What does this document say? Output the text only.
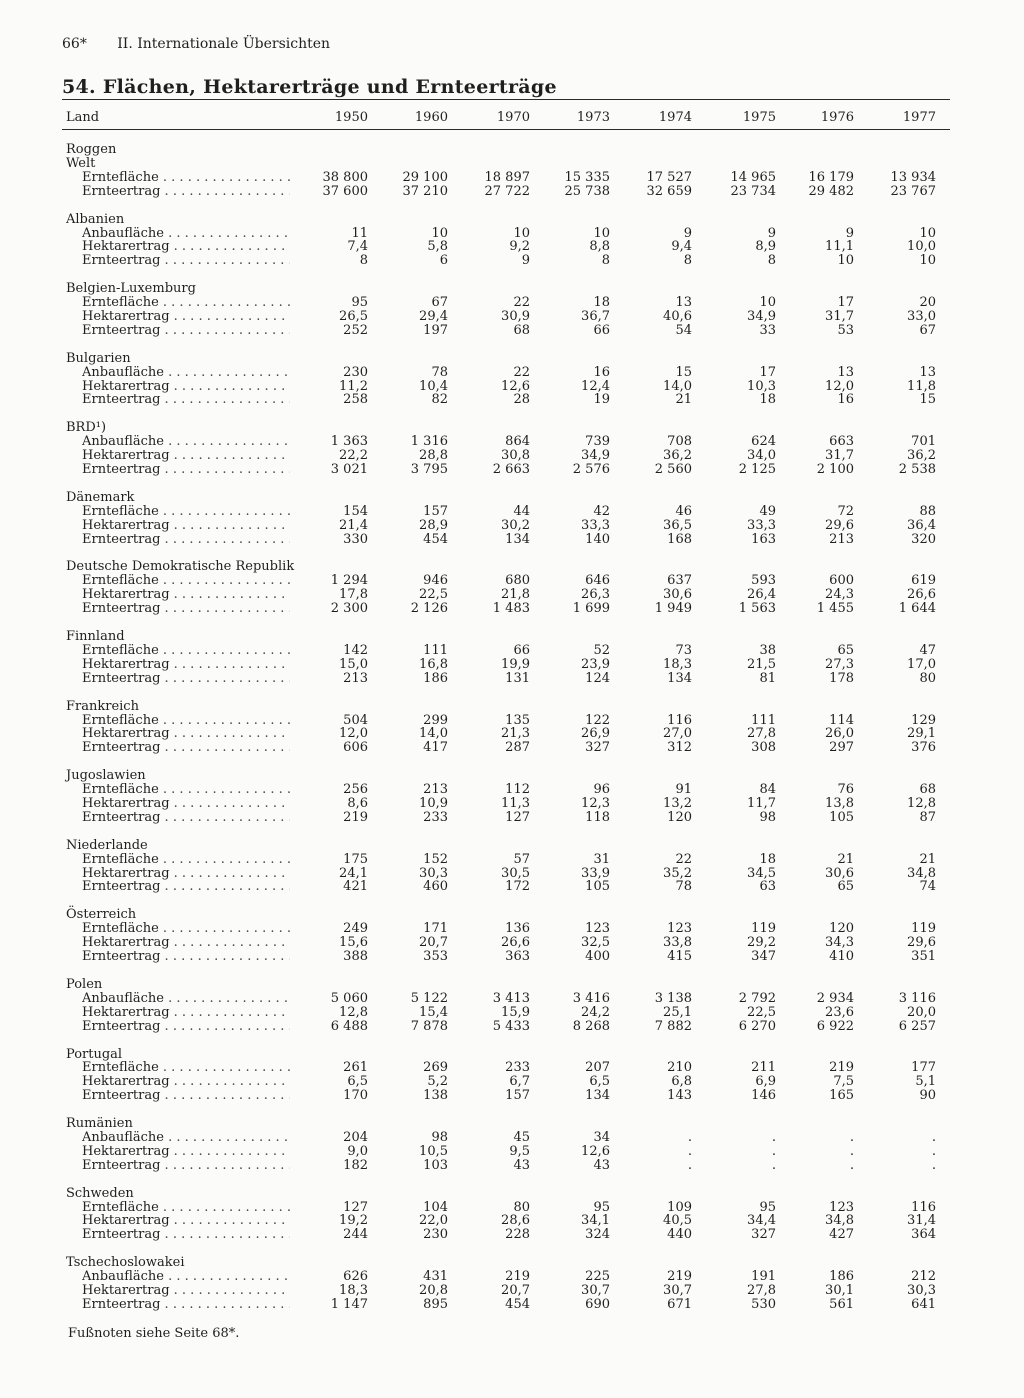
66* II. Internationale Übersichten
54. Flächen, Hektarerträge und Ernteerträge
Land	1950	1960	1970	1973	1974	1975	1976	1977
Roggen
Welt
Erntefläche . . .	38 800	29 100	18 897	15 335	17 527	14 965	16 179	13 934
Ernteertrag . . .	37 600	37 210	27 722	25 738	32 659	23 734	29 482	23 767
Albanien
Anbaufläche . . .	11	10	10	10	9	9	9	10
Hektarertrag . . .	7,4	5,8	9,2	8,8	9,4	8,9	11,1	10,0
Ernteertrag . . .	8	6	9	8	8	8	10	10
Belgien-Luxemburg
Erntefläche . . .	95	67	22	18	13	10	17	20
Hektarertrag . . .	26,5	29,4	30,9	36,7	40,6	34,9	31,7	33,0
Ernteertrag . . .	252	197	68	66	54	33	53	67
Bulgarien
Anbaufläche . . .	230	78	22	16	15	17	13	13
Hektarertrag . . .	11,2	10,4	12,6	12,4	14,0	10,3	12,0	11,8
Ernteertrag . . .	258	82	28	19	21	18	16	15
BRD¹)
Anbaufläche . . .	1 363	1 316	864	739	708	624	663	701
Hektarertrag . . .	22,2	28,8	30,8	34,9	36,2	34,0	31,7	36,2
Ernteertrag . . .	3 021	3 795	2 663	2 576	2 560	2 125	2 100	2 538
Dänemark
Erntefläche . . .	154	157	44	42	46	49	72	88
Hektarertrag . . .	21,4	28,9	30,2	33,3	36,5	33,3	29,6	36,4
Ernteertrag . . .	330	454	134	140	168	163	213	320
Deutsche Demokratische Republik
Erntefläche . . .	1 294	946	680	646	637	593	600	619
Hektarertrag . . .	17,8	22,5	21,8	26,3	30,6	26,4	24,3	26,6
Ernteertrag . . .	2 300	2 126	1 483	1 699	1 949	1 563	1 455	1 644
Finnland
Erntefläche . . .	142	111	66	52	73	38	65	47
Hektarertrag . . .	15,0	16,8	19,9	23,9	18,3	21,5	27,3	17,0
Ernteertrag . . .	213	186	131	124	134	81	178	80
Frankreich
Erntefläche . . .	504	299	135	122	116	111	114	129
Hektarertrag . . .	12,0	14,0	21,3	26,9	27,0	27,8	26,0	29,1
Ernteertrag . . .	606	417	287	327	312	308	297	376
Jugoslawien
Erntefläche . . .	256	213	112	96	91	84	76	68
Hektarertrag . . .	8,6	10,9	11,3	12,3	13,2	11,7	13,8	12,8
Ernteertrag . . .	219	233	127	118	120	98	105	87
Niederlande
Erntefläche . . .	175	152	57	31	22	18	21	21
Hektarertrag . . .	24,1	30,3	30,5	33,9	35,2	34,5	30,6	34,8
Ernteertrag . . .	421	460	172	105	78	63	65	74
Österreich
Erntefläche . . .	249	171	136	123	123	119	120	119
Hektarertrag . . .	15,6	20,7	26,6	32,5	33,8	29,2	34,3	29,6
Ernteertrag . . .	388	353	363	400	415	347	410	351
Polen
Anbaufläche . . .	5 060	5 122	3 413	3 416	3 138	2 792	2 934	3 116
Hektarertrag . . .	12,8	15,4	15,9	24,2	25,1	22,5	23,6	20,0
Ernteertrag . . .	6 488	7 878	5 433	8 268	7 882	6 270	6 922	6 257
Portugal
Erntefläche . . .	261	269	233	207	210	211	219	177
Hektarertrag . . .	6,5	5,2	6,7	6,5	6,8	6,9	7,5	5,1
Ernteertrag . . .	170	138	157	134	143	146	165	90
Rumänien
Anbaufläche . . .	204	98	45	34	.	.	.	.
Hektarertrag . . .	9,0	10,5	9,5	12,6	.	.	.	.
Ernteertrag . . .	182	103	43	43	.	.	.	.
Schweden
Erntefläche . . .	127	104	80	95	109	95	123	116
Hektarertrag . . .	19,2	22,0	28,6	34,1	40,5	34,4	34,8	31,4
Ernteertrag . . .	244	230	228	324	440	327	427	364
Tschechoslowakei
Anbaufläche . . .	626	431	219	225	219	191	186	212
Hektarertrag . . .	18,3	20,8	20,7	30,7	30,7	27,8	30,1	30,3
Ernteertrag . . .	1 147	895	454	690	671	530	561	641
Fußnoten siehe Seite 68*.
